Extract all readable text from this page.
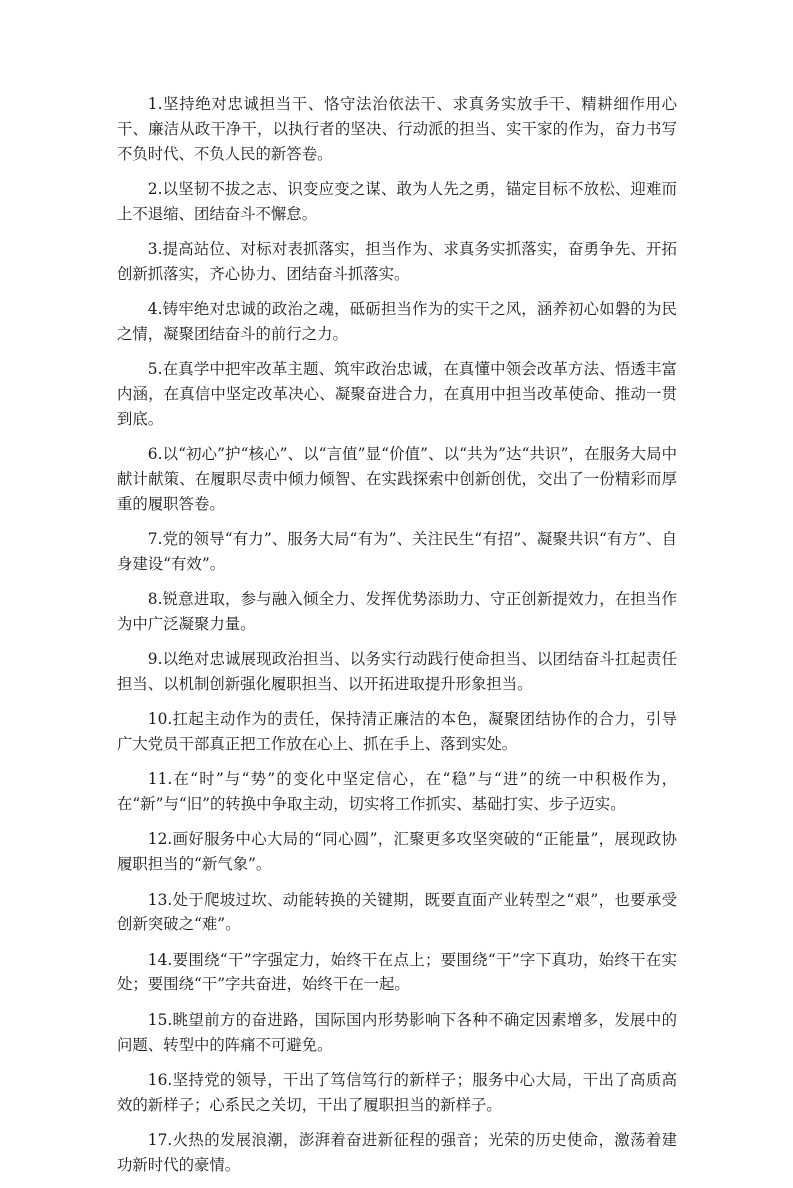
1.坚持绝对忠诚担当干、恪守法治依法干、求真务实放手干、精耕细作用心干、廉洁从政干净干，以执行者的坚决、行动派的担当、实干家的作为，奋力书写不负时代、不负人民的新答卷。

2.以坚韧不拔之志、识变应变之谋、敢为人先之勇，锚定目标不放松、迎难而上不退缩、团结奋斗不懈怠。

3.提高站位、对标对表抓落实，担当作为、求真务实抓落实，奋勇争先、开拓创新抓落实，齐心协力、团结奋斗抓落实。

4.铸牢绝对忠诚的政治之魂，砥砺担当作为的实干之风，涵养初心如磐的为民之情，凝聚团结奋斗的前行之力。

5.在真学中把牢改革主题、筑牢政治忠诚，在真懂中领会改革方法、悟透丰富内涵，在真信中坚定改革决心、凝聚奋进合力，在真用中担当改革使命、推动一贯到底。

6.以“初心”护“核心”、以“言值”显“价值”、以“共为”达“共识”，在服务大局中献计献策、在履职尽责中倾力倾智、在实践探索中创新创优，交出了一份精彩而厚重的履职答卷。

7.党的领导“有力”、服务大局“有为”、关注民生“有招”、凝聚共识“有方”、自身建设“有效”。

8.锐意进取，参与融入倾全力、发挥优势添助力、守正创新提效力，在担当作为中广泛凝聚力量。

9.以绝对忠诚展现政治担当、以务实行动践行使命担当、以团结奋斗扛起责任担当、以机制创新强化履职担当、以开拓进取提升形象担当。

10.扛起主动作为的责任，保持清正廉洁的本色，凝聚团结协作的合力，引导广大党员干部真正把工作放在心上、抓在手上、落到实处。

11.在“时”与“势”的变化中坚定信心，在“稳”与“进”的统一中积极作为，在“新”与“旧”的转换中争取主动，切实将工作抓实、基础打实、步子迈实。

12.画好服务中心大局的“同心圆”，汇聚更多攻坚突破的“正能量”，展现政协履职担当的“新气象”。

13.处于爬坡过坎、动能转换的关键期，既要直面产业转型之“艰”，也要承受创新突破之“难”。

14.要围绕“干”字强定力，始终干在点上；要围绕“干”字下真功，始终干在实处；要围绕“干”字共奋进，始终干在一起。

15.眺望前方的奋进路，国际国内形势影响下各种不确定因素增多，发展中的问题、转型中的阵痛不可避免。

16.坚持党的领导，干出了笃信笃行的新样子；服务中心大局，干出了高质高效的新样子；心系民之关切，干出了履职担当的新样子。

17.火热的发展浪潮，澎湃着奋进新征程的强音；光荣的历史使命，激荡着建功新时代的豪情。
